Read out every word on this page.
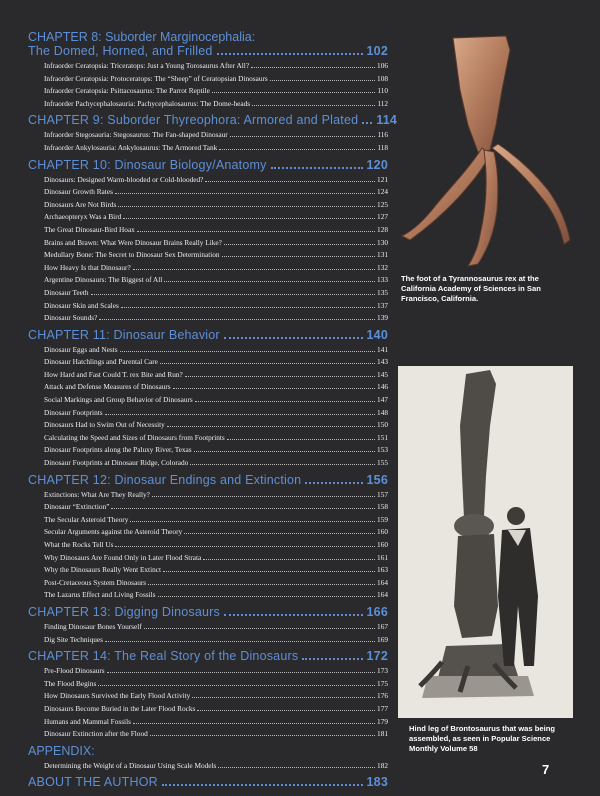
CHAPTER 8: Suborder Marginocephalia:
The Domed, Horned, and Frilled	102
Infraorder Ceratopsia: Triceratops: Just a Young Torosaurus After All?	106
Infraorder Ceratopsia: Protoceratops: The “Sheep” of Ceratopsian Dinosaurs	108
Infraorder Ceratopsia: Psittacosaurus: The Parrot Reptile	110
Infraorder Pachycephalosauria: Pachycephalosaurus: The Dome-heads	112
CHAPTER 9: Suborder Thyreophora: Armored and Plated 114
Infraorder Stegosauria: Stegosaurus: The Fan-shaped Dinosaur	116
Infraorder Ankylosauria: Ankylosaurus: The Armored Tank	118
CHAPTER 10: Dinosaur Biology/Anatomy	120
Dinosaurs: Designed Warm-blooded or Cold-blooded?	121
Dinosaur Growth Rates	124
Dinosaurs Are Not Birds	125
Archaeopteryx Was a Bird	127
The Great Dinosaur-Bird Hoax	128
Brains and Brawn: What Were Dinosaur Brains Really Like?	130
Medullary Bone: The Secret to Dinosaur Sex Determination	131
How Heavy Is that Dinosaur?	132
Argentine Dinosaurs: The Biggest of All	133
Dinosaur Teeth	135
Dinosaur Skin and Scales	137
Dinosaur Sounds?	139
CHAPTER 11: Dinosaur Behavior	140
Dinosaur Eggs and Nests	141
Dinosaur Hatchlings and Parental Care	143
How Hard and Fast Could T. rex Bite and Run?	145
Attack and Defense Measures of Dinosaurs	146
Social Markings and Group Behavior of Dinosaurs	147
Dinosaur Footprints	148
Dinosaurs Had to Swim Out of Necessity	150
Calculating the Speed and Sizes of Dinosaurs from Footprints	151
Dinosaur Footprints along the Paluxy River, Texas	153
Dinosaur Footprints at Dinosaur Ridge, Colorado	155
CHAPTER 12: Dinosaur Endings and Extinction	156
Extinctions: What Are They Really?	157
Dinosaur “Extinction”	158
The Secular Asteroid Theory	159
Secular Arguments against the Asteroid Theory	160
What the Rocks Tell Us	160
Why Dinosaurs Are Found Only in Later Flood Strata	161
Why the Dinosaurs Really Went Extinct	163
Post-Cretaceous System Dinosaurs	164
The Lazarus Effect and Living Fossils	164
CHAPTER 13: Digging Dinosaurs	166
Finding Dinosaur Bones Yourself	167
Dig Site Techniques	169
CHAPTER 14: The Real Story of the Dinosaurs	172
Pre-Flood Dinosaurs	173
The Flood Begins	175
How Dinosaurs Survived the Early Flood Activity	176
Dinosaurs Become Buried in the Later Flood Rocks	177
Humans and Mammal Fossils	179
Dinosaur Extinction after the Flood	181
APPENDIX:
Determining the Weight of a Dinosaur Using Scale Models	182
ABOUT THE AUTHOR	183
The foot of a Tyrannosaurus rex at the California Academy of Sciences in San Francisco, California.
Hind leg of Brontosaurus that was being assembled, as seen in Popular Science Monthly Volume 58
7
